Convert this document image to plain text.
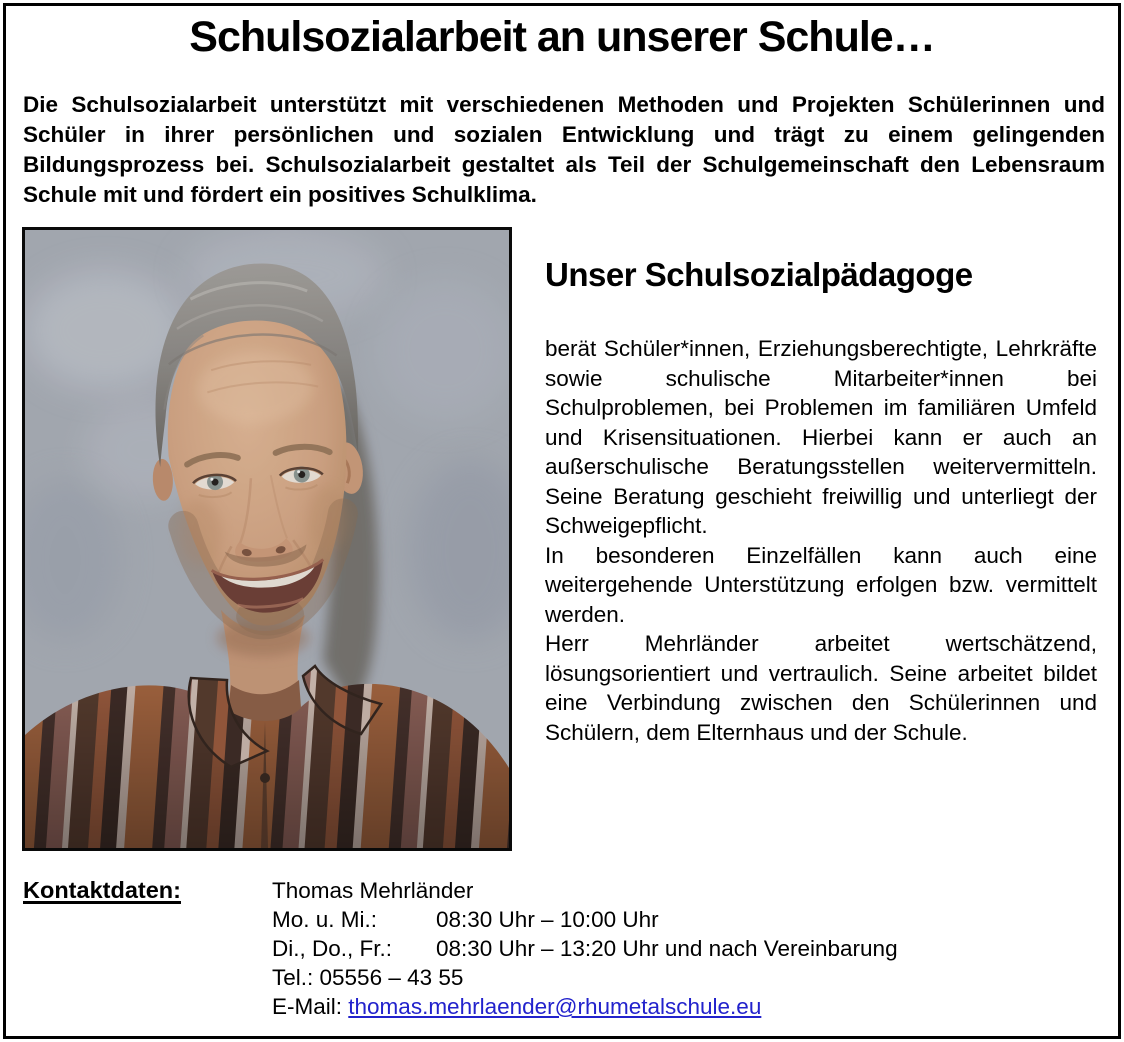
Schulsozialarbeit an unserer Schule…

Die Schulsozialarbeit unterstützt mit verschiedenen Methoden und Projekten Schülerinnen und Schüler in ihrer persönlichen und sozialen Entwicklung und trägt zu einem gelingenden Bildungsprozess bei. Schulsozialarbeit gestaltet als Teil der Schulgemeinschaft den Lebensraum Schule mit und fördert ein positives Schulklima.

Unser Schulsozialpädagoge

berät Schüler*innen, Erziehungsberechtigte, Lehrkräfte sowie schulische Mitarbeiter*innen bei Schulproblemen, bei Problemen im familiären Umfeld und Krisensituationen. Hierbei kann er auch an außerschulische Beratungsstellen weitervermitteln. Seine Beratung geschieht freiwillig und unterliegt der Schweigepflicht.

In besonderen Einzelfällen kann auch eine weitergehende Unterstützung erfolgen bzw. vermittelt werden.

Herr Mehrländer arbeitet wertschätzend, lösungsorientiert und vertraulich. Seine arbeitet bildet eine Verbindung zwischen den Schülerinnen und Schülern, dem Elternhaus und der Schule.

Kontaktdaten:	Thomas Mehrländer
Mo. u. Mi.:	08:30 Uhr – 10:00 Uhr
Di., Do., Fr.:	08:30 Uhr – 13:20 Uhr und nach Vereinbarung
Tel.: 05556 – 43 55
E-Mail: thomas.mehrlaender@rhumetalschule.eu
